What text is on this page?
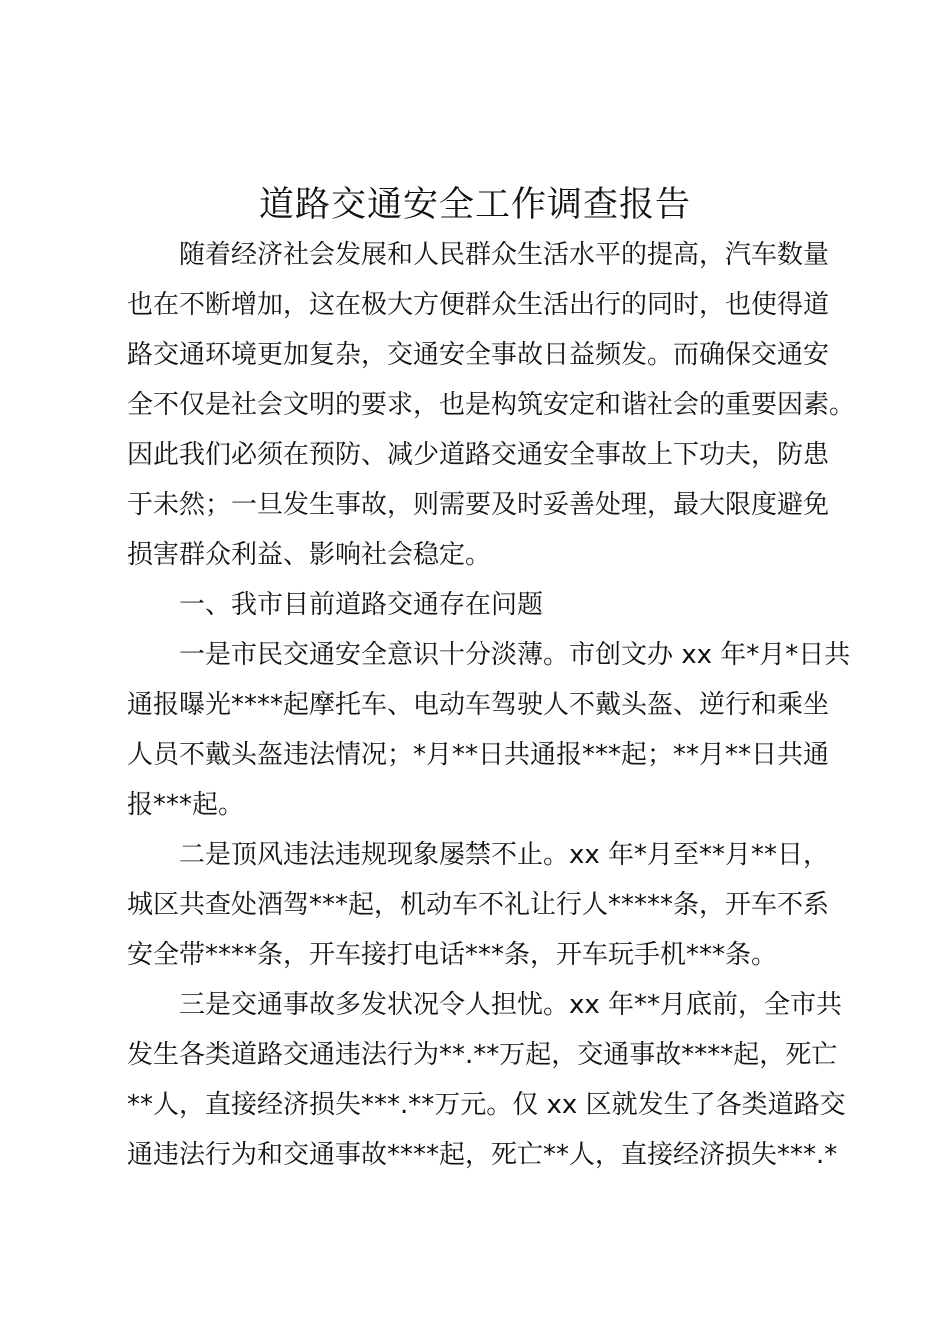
道路交通安全工作调查报告

随着经济社会发展和人民群众生活水平的提高，汽车数量
也在不断增加，这在极大方便群众生活出行的同时，也使得道
路交通环境更加复杂，交通安全事故日益频发。而确保交通安
全不仅是社会文明的要求，也是构筑安定和谐社会的重要因素。
因此我们必须在预防、减少道路交通安全事故上下功夫，防患
于未然；一旦发生事故，则需要及时妥善处理，最大限度避免
损害群众利益、影响社会稳定。

一、我市目前道路交通存在问题

一是市民交通安全意识十分淡薄。市创文办 xx 年*月*日共
通报曝光****起摩托车、电动车驾驶人不戴头盔、逆行和乘坐
人员不戴头盔违法情况；*月**日共通报***起；**月**日共通
报***起。

二是顶风违法违规现象屡禁不止。xx 年*月至**月**日，
城区共查处酒驾***起，机动车不礼让行人*****条，开车不系
安全带****条，开车接打电话***条，开车玩手机***条。

三是交通事故多发状况令人担忧。xx 年**月底前，全市共
发生各类道路交通违法行为**.**万起，交通事故****起，死亡
**人，直接经济损失***.**万元。仅 xx 区就发生了各类道路交
通违法行为和交通事故****起，死亡**人，直接经济损失***.*
